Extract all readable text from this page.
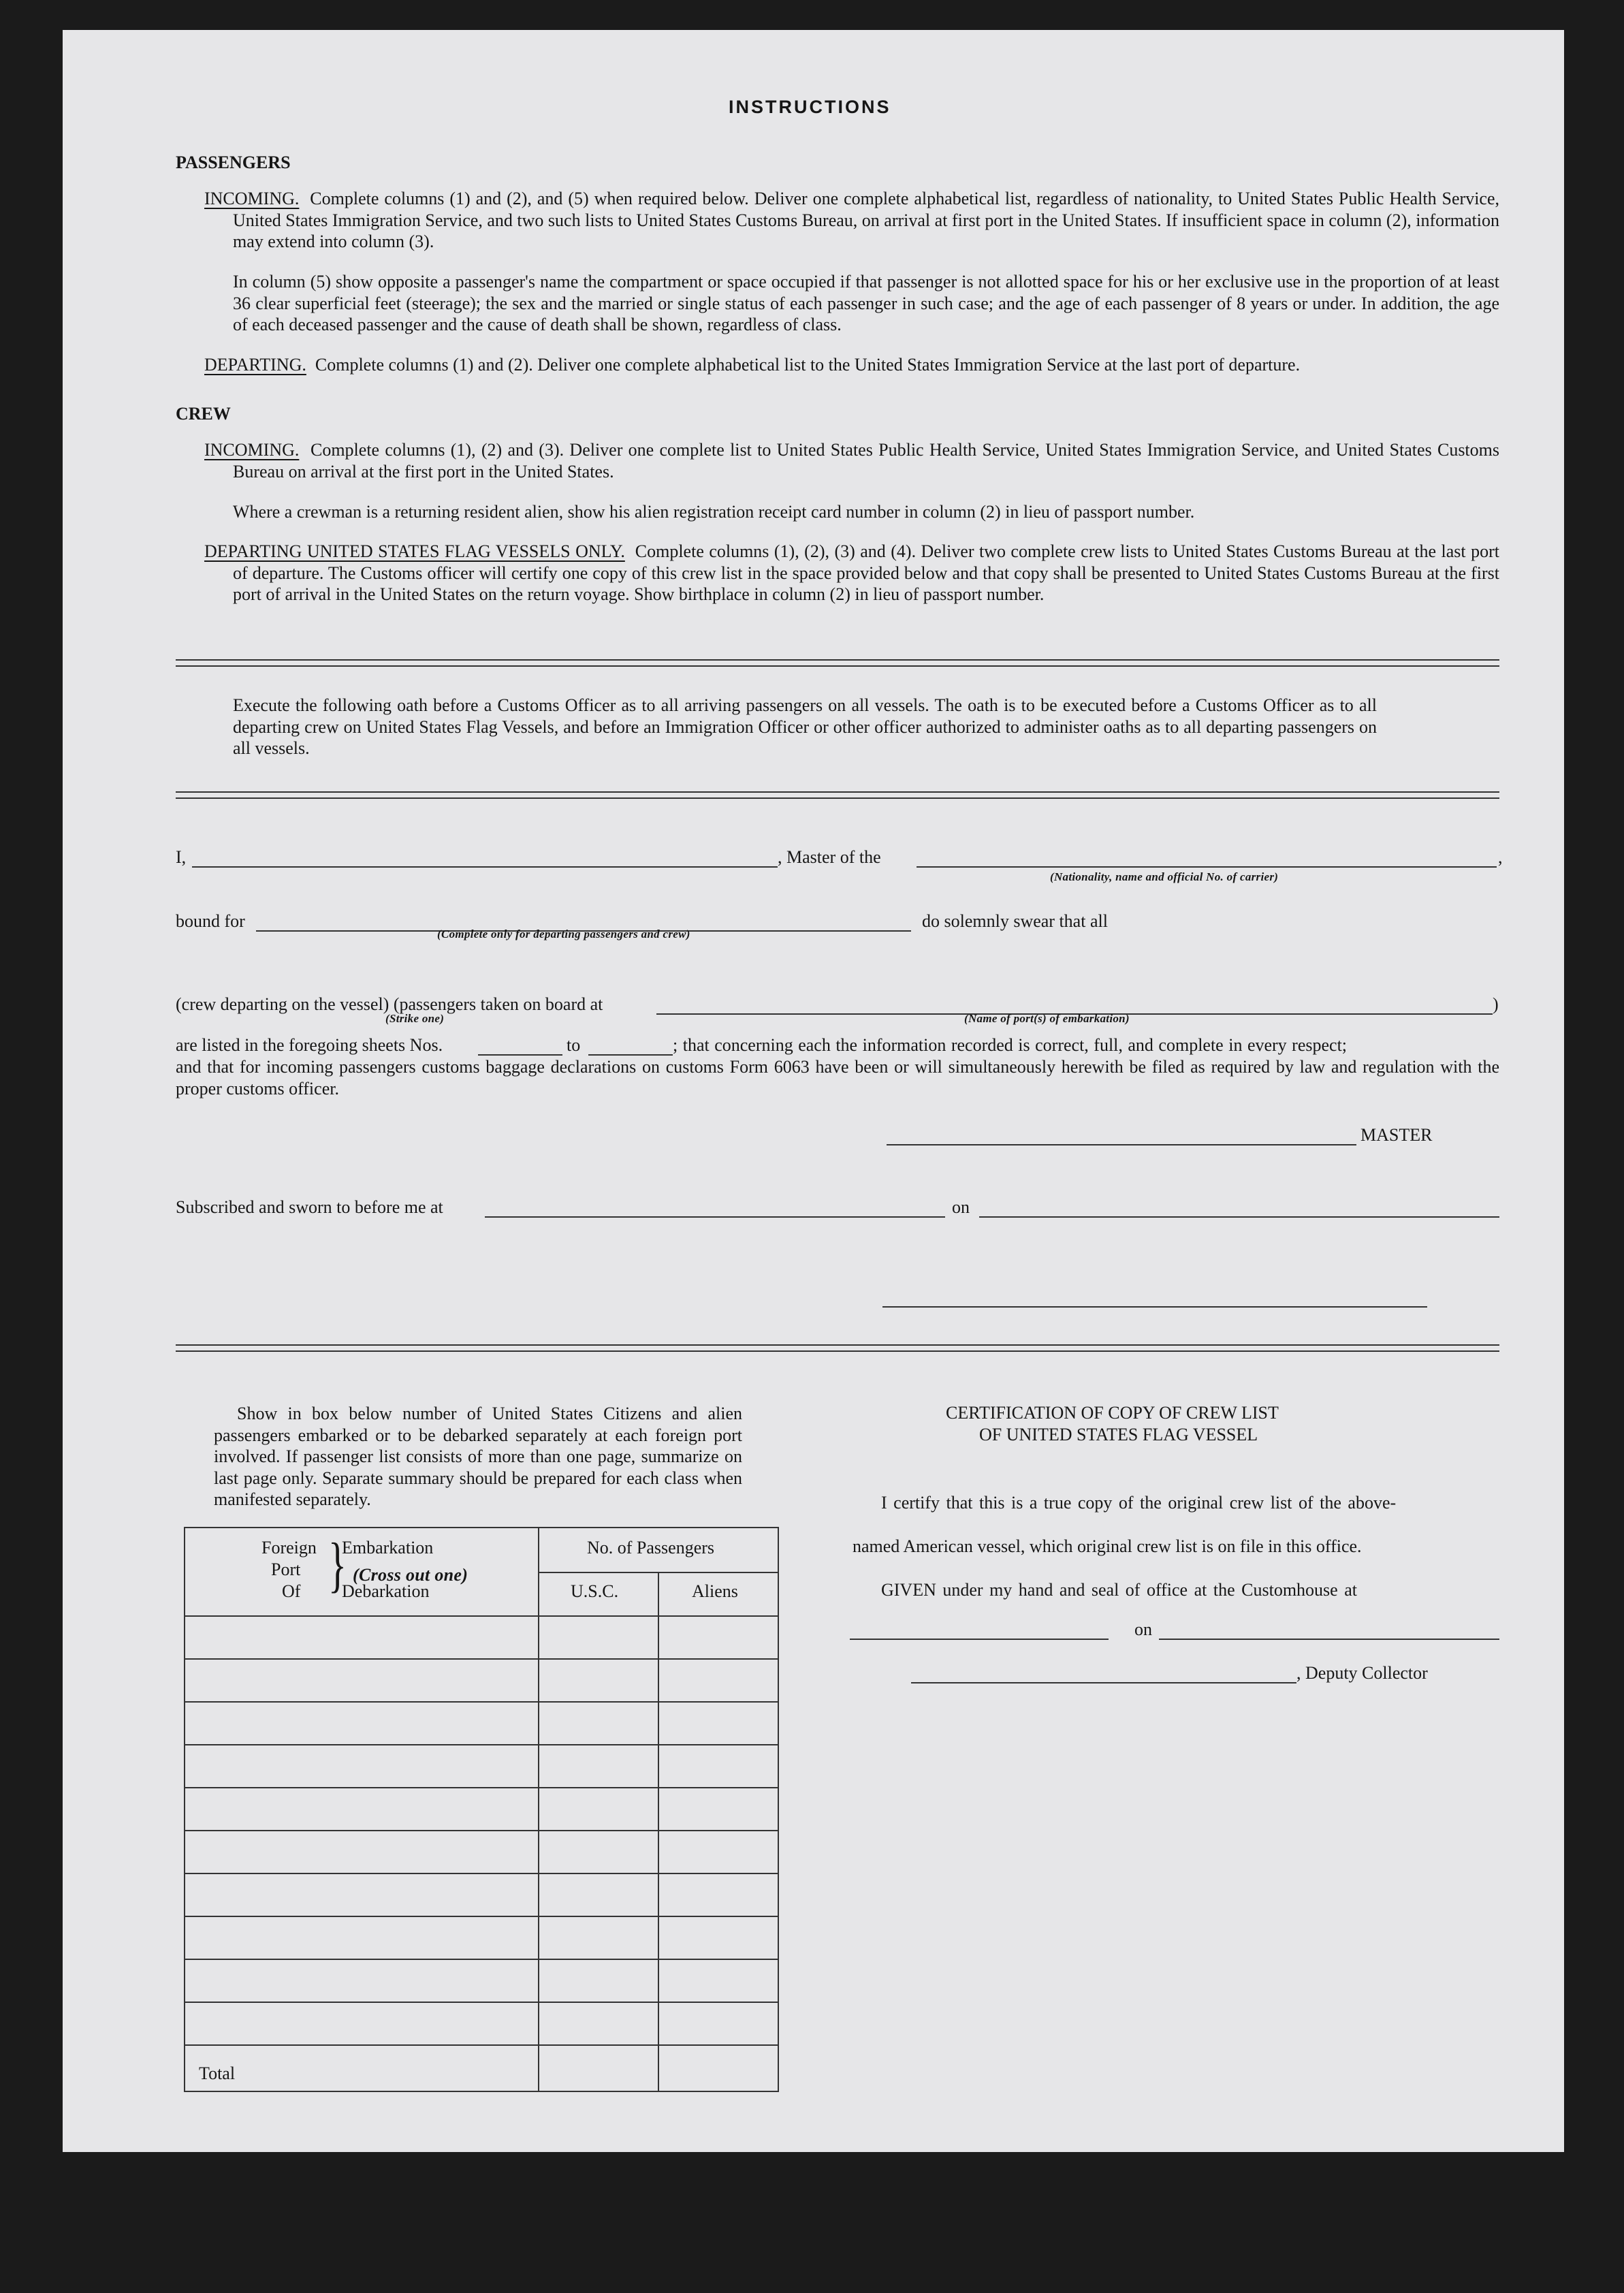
INSTRUCTIONS
PASSENGERS
INCOMING. Complete columns (1) and (2), and (5) when required below. Deliver one complete alphabetical list, regardless of nationality, to United States Public Health Service, United States Immigration Service, and two such lists to United States Customs Bureau, on arrival at first port in the United States. If insufficient space in column (2), information may extend into column (3).
In column (5) show opposite a passenger's name the compartment or space occupied if that passenger is not allotted space for his or her exclusive use in the proportion of at least 36 clear superficial feet (steerage); the sex and the married or single status of each passenger in such case; and the age of each passenger of 8 years or under. In addition, the age of each deceased passenger and the cause of death shall be shown, regardless of class.
DEPARTING. Complete columns (1) and (2). Deliver one complete alphabetical list to the United States Immigration Service at the last port of departure.
CREW
INCOMING. Complete columns (1), (2) and (3). Deliver one complete list to United States Public Health Service, United States Immigration Service, and United States Customs Bureau on arrival at the first port in the United States.
Where a crewman is a returning resident alien, show his alien registration receipt card number in column (2) in lieu of passport number.
DEPARTING UNITED STATES FLAG VESSELS ONLY. Complete columns (1), (2), (3) and (4). Deliver two complete crew lists to United States Customs Bureau at the last port of departure. The Customs officer will certify one copy of this crew list in the space provided below and that copy shall be presented to United States Customs Bureau at the first port of arrival in the United States on the return voyage. Show birthplace in column (2) in lieu of passport number.
Execute the following oath before a Customs Officer as to all arriving passengers on all vessels. The oath is to be executed before a Customs Officer as to all departing crew on United States Flag Vessels, and before an Immigration Officer or other officer authorized to administer oaths as to all departing passengers on all vessels.
I,	, Master of the	,
(Nationality, name and official No. of carrier)
bound for
(Complete only for departing passengers and crew)
do solemnly swear that all
(crew departing on the vessel) (passengers taken on board at
(Strike one)
)
(Name of port(s) of embarkation)
are listed in the foregoing sheets Nos.	to	; that concerning each the information recorded is correct, full, and complete in every respect;
and that for incoming passengers customs baggage declarations on customs Form 6063 have been or will simultaneously herewith be filed as required by law and regulation with the proper customs officer.
MASTER
Subscribed and sworn to before me at	on
Show in box below number of United States Citizens and alien passengers embarked or to be debarked separately at each foreign port involved. If passenger list consists of more than one page, summarize on last page only. Separate summary should be prepared for each class when manifested separately.
Foreign
Port
Of }
Embarkation
(Cross out one)
Debarkation
No. of Passengers
U.S.C.	Aliens
Total
CERTIFICATION OF COPY OF CREW LIST
OF UNITED STATES FLAG VESSEL
I certify that this is a true copy of the original crew list of the above-
named American vessel, which original crew list is on file in this office.
GIVEN under my hand and seal of office at the Customhouse at
on
, Deputy Collector
